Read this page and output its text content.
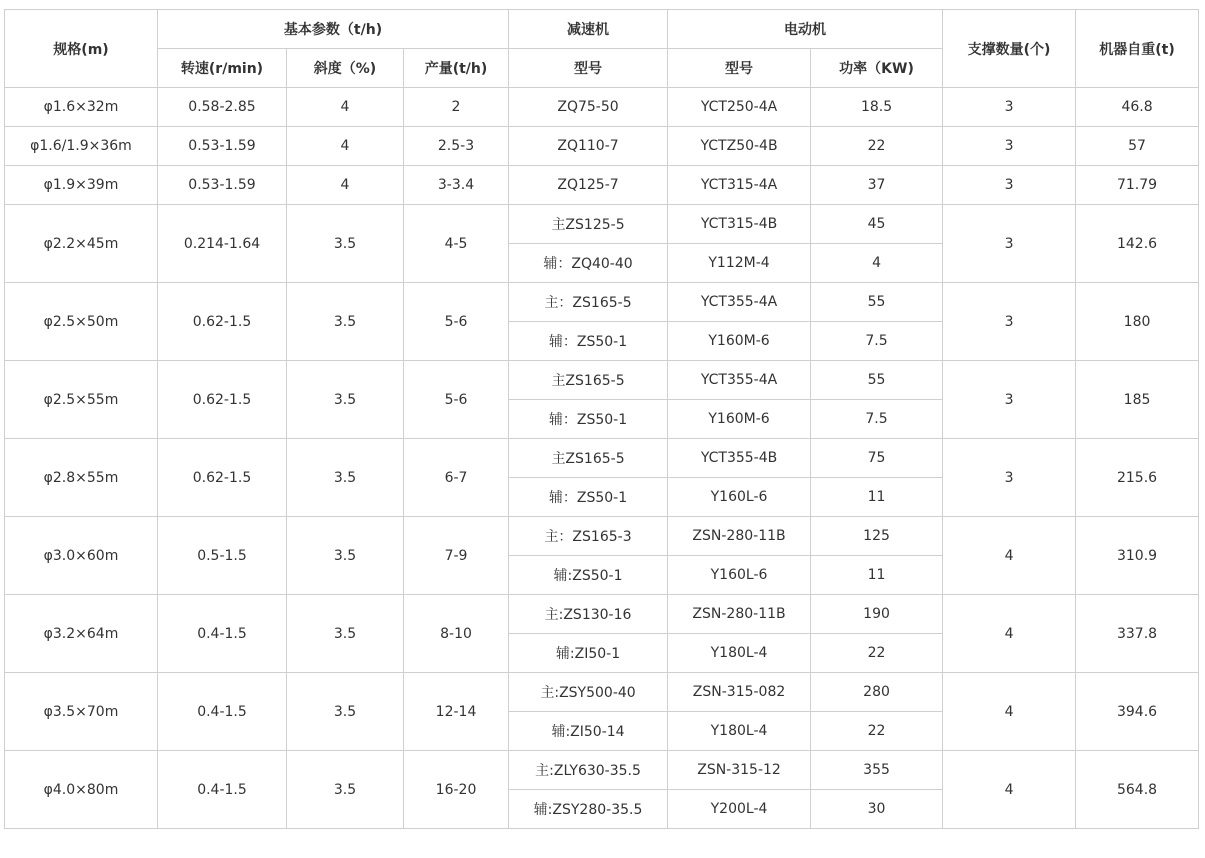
规格(m)	基本参数（t/h)			减速机	电动机		支撑数量(个)	机器自重(t)
	转速(r/min)	斜度（%)	产量(t/h)	型号	型号	功率（KW)		
φ1.6×32m	0.58-2.85	4	2	ZQ75-50	YCT250-4A	18.5	3	46.8
φ1.6/1.9×36m	0.53-1.59	4	2.5-3	ZQ110-7	YCTZ50-4B	22	3	57
φ1.9×39m	0.53-1.59	4	3-3.4	ZQ125-7	YCT315-4A	37	3	71.79
φ2.2×45m	0.214-1.64	3.5	4-5	主ZS125-5	YCT315-4B	45	3	142.6
				辅：ZQ40-40	Y112M-4	4		
φ2.5×50m	0.62-1.5	3.5	5-6	主：ZS165-5	YCT355-4A	55	3	180
				辅：ZS50-1	Y160M-6	7.5		
φ2.5×55m	0.62-1.5	3.5	5-6	主ZS165-5	YCT355-4A	55	3	185
				辅：ZS50-1	Y160M-6	7.5		
φ2.8×55m	0.62-1.5	3.5	6-7	主ZS165-5	YCT355-4B	75	3	215.6
				辅：ZS50-1	Y160L-6	11		
φ3.0×60m	0.5-1.5	3.5	7-9	主：ZS165-3	ZSN-280-11B	125	4	310.9
				辅:ZS50-1	Y160L-6	11		
φ3.2×64m	0.4-1.5	3.5	8-10	主:ZS130-16	ZSN-280-11B	190	4	337.8
				辅:ZI50-1	Y180L-4	22		
φ3.5×70m	0.4-1.5	3.5	12-14	主:ZSY500-40	ZSN-315-082	280	4	394.6
				辅:ZI50-14	Y180L-4	22		
φ4.0×80m	0.4-1.5	3.5	16-20	主:ZLY630-35.5	ZSN-315-12	355	4	564.8
				辅:ZSY280-35.5	Y200L-4	30		
